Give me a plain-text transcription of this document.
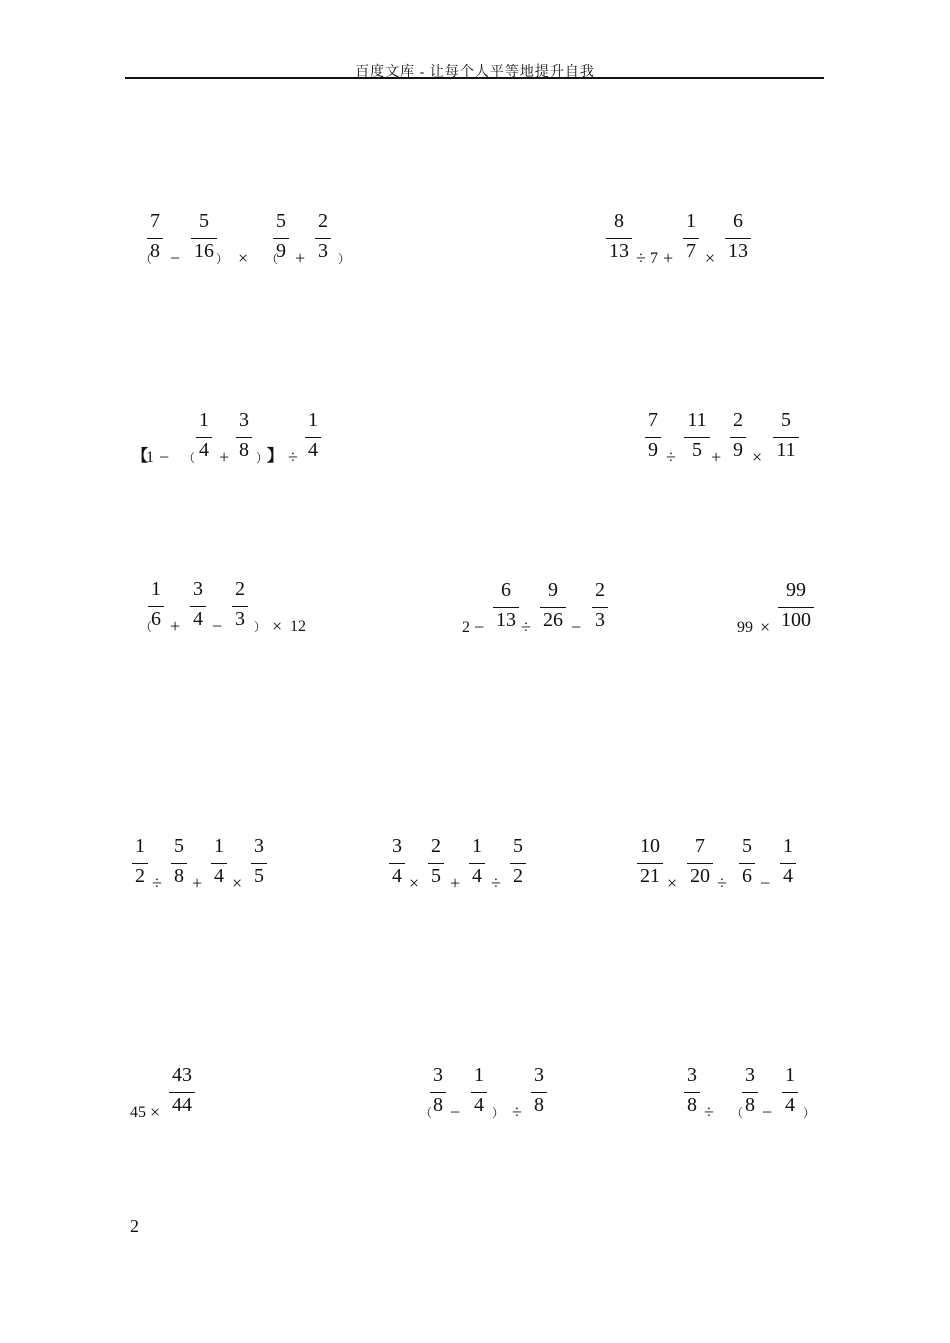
百度文库 - 让每个人平等地提升自我
（
7
8 −
5
16 ） × （
5
9 +
2
3 ）
8
13 ÷ 7 +
1
7 ×
6
13
【
1 − （
1
4 +
3
8 ）
】 ÷
1
4
7
9 ÷
11
5 +
2
9 ×
5
11
（
1
6 +
3
4 −
2
3 ） × 12	2 −
6
13 ÷
9
26 −
2
3	99 ×
99
100
1
2 ÷
5
8 +
1
4 ×
3
5
3
4 ×
2
5 +
1
4 ÷
5
2
10
21 ×
7
20 ÷
5
6 −
1
4
45 ×
43
44	（
3
8 −
1
4 ） ÷
3
8
3
8 ÷ （
3
8 −
1
4 ）
2
